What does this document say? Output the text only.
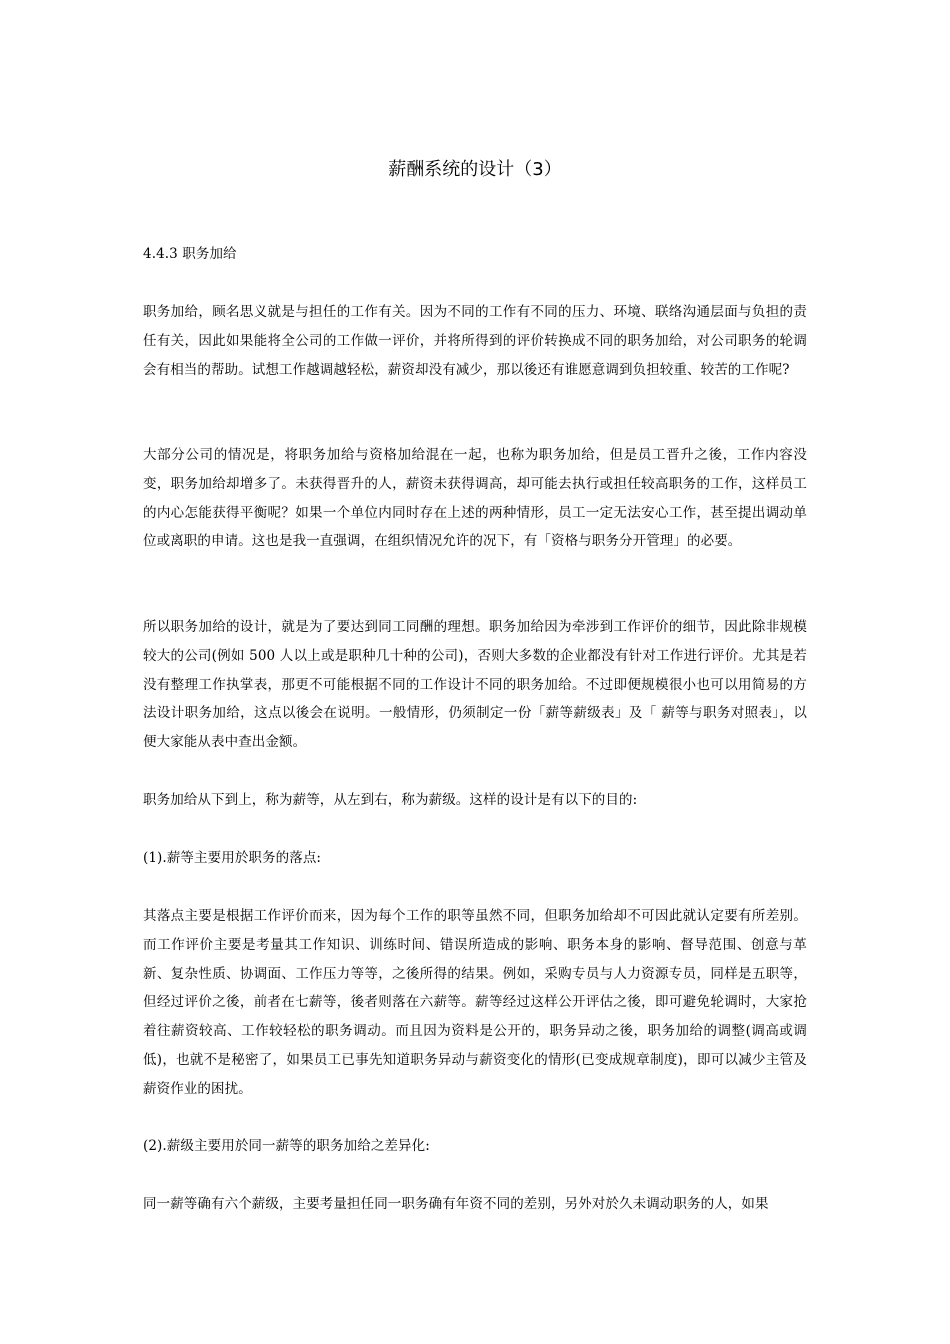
薪酬系统的设计（3）

4.4.3 职务加给

职务加给，顾名思义就是与担任的工作有关。因为不同的工作有不同的压力、环境、联络沟通层面与负担的责任有关，因此如果能将全公司的工作做一评价，并将所得到的评价转换成不同的职务加给，对公司职务的轮调会有相当的帮助。试想工作越调越轻松，薪资却没有减少，那以後还有谁愿意调到负担较重、较苦的工作呢?

大部分公司的情况是，将职务加给与资格加给混在一起，也称为职务加给，但是员工晋升之後，工作内容没变，职务加给却增多了。未获得晋升的人，薪资未获得调高，却可能去执行或担任较高职务的工作，这样员工的内心怎能获得平衡呢？如果一个单位内同时存在上述的两种情形，员工一定无法安心工作，甚至提出调动单位或离职的申请。这也是我一直强调，在组织情况允许的况下，有「资格与职务分开管理」的必要。

所以职务加给的设计，就是为了要达到同工同酬的理想。职务加给因为牵涉到工作评价的细节，因此除非规模较大的公司(例如 500 人以上或是职种几十种的公司)，否则大多数的企业都没有针对工作进行评价。尤其是若没有整理工作执掌表，那更不可能根据不同的工作设计不同的职务加给。不过即便规模很小也可以用简易的方法设计职务加给，这点以後会在说明。一般情形，仍须制定一份「薪等薪级表」及「 薪等与职务对照表」，以便大家能从表中查出金额。

职务加给从下到上，称为薪等，从左到右，称为薪级。这样的设计是有以下的目的:

(1).薪等主要用於职务的落点:

其落点主要是根据工作评价而来，因为每个工作的职等虽然不同，但职务加给却不可因此就认定要有所差别。而工作评价主要是考量其工作知识、训练时间、错误所造成的影响、职务本身的影响、督导范围、创意与革新、复杂性质、协调面、工作压力等等，之後所得的结果。例如，采购专员与人力资源专员，同样是五职等，但经过评价之後，前者在七薪等，後者则落在六薪等。薪等经过这样公开评估之後，即可避免轮调时，大家抢着往薪资较高、工作较轻松的职务调动。而且因为资料是公开的，职务异动之後，职务加给的调整(调高或调低)，也就不是秘密了，如果员工已事先知道职务异动与薪资变化的情形(已变成规章制度)，即可以减少主管及薪资作业的困扰。

(2).薪级主要用於同一薪等的职务加给之差异化:

同一薪等确有六个薪级，主要考量担任同一职务确有年资不同的差别，另外对於久未调动职务的人，如果
